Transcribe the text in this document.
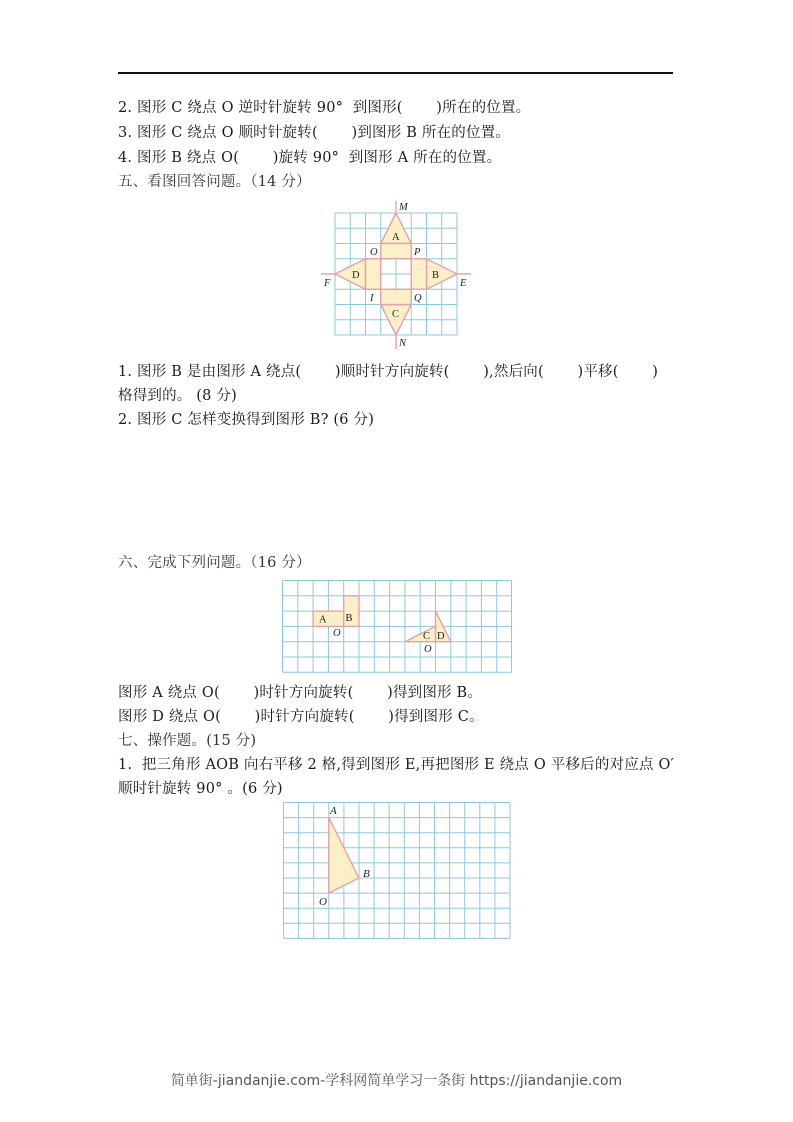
2. 图形 C 绕点 O 逆时针旋转 90°  到图形(       )所在的位置。
3. 图形 C 绕点 O 顺时针旋转(       )到图形 B 所在的位置。
4. 图形 B 绕点 O(       )旋转 90°  到图形 A 所在的位置。
五、看图回答问题。（14 分）
M
N
F	E
O	P
I	Q
A
B
C
D
1. 图形 B 是由图形 A 绕点(       )顺时针方向旋转(       ),然后向(       )平移(       )
格得到的。 (8 分)
2. 图形 C 怎样变换得到图形 B? (6 分)
六、完成下列问题。（16 分）
A B
O	C D
O
图形 A 绕点 O(       )时针方向旋转(       )得到图形 B。
图形 D 绕点 O(       )时针方向旋转(       )得到图形 C。
七、操作题。(15 分)
1.  把三角形 AOB 向右平移 2 格,得到图形 E,再把图形 E 绕点 O 平移后的对应点 O′
顺时针旋转 90° 。(6 分)
A
B
O
简单街-jiandanjie.com-学科网简单学习一条街 https://jiandanjie.com
